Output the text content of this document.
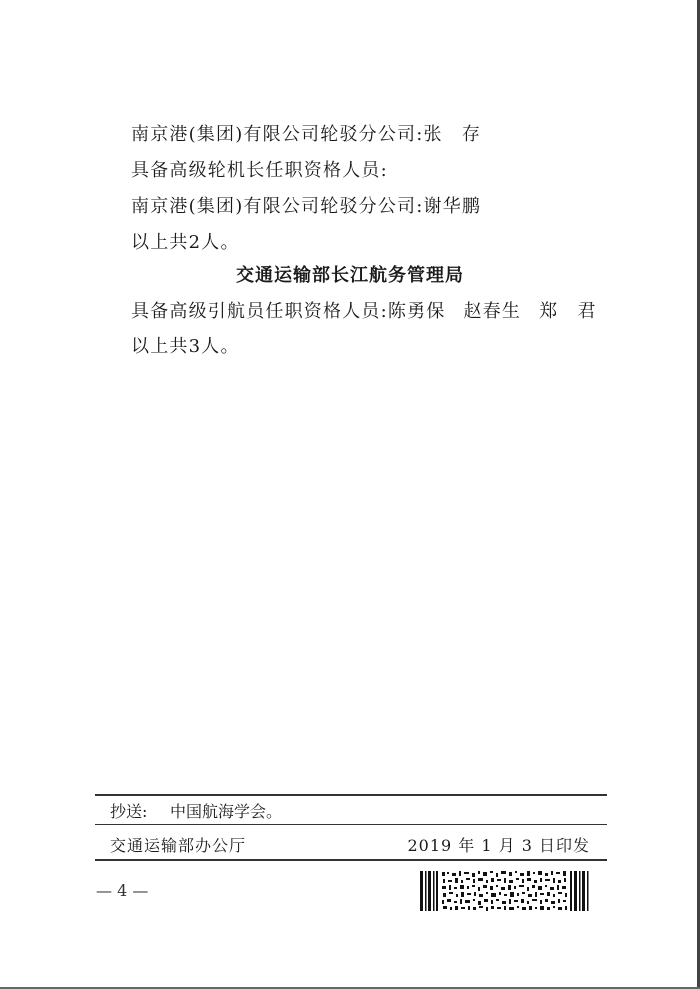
南京港(集团)有限公司轮驳分公司:张　存
具备高级轮机长任职资格人员:
南京港(集团)有限公司轮驳分公司:谢华鹏
以上共2人。
交通运输部长江航务管理局
具备高级引航员任职资格人员:陈勇保 赵春生 郑　君
以上共3人。
抄送: 中国航海学会。
交通运输部办公厅	2019 年 1 月 3 日印发
— 4 —
